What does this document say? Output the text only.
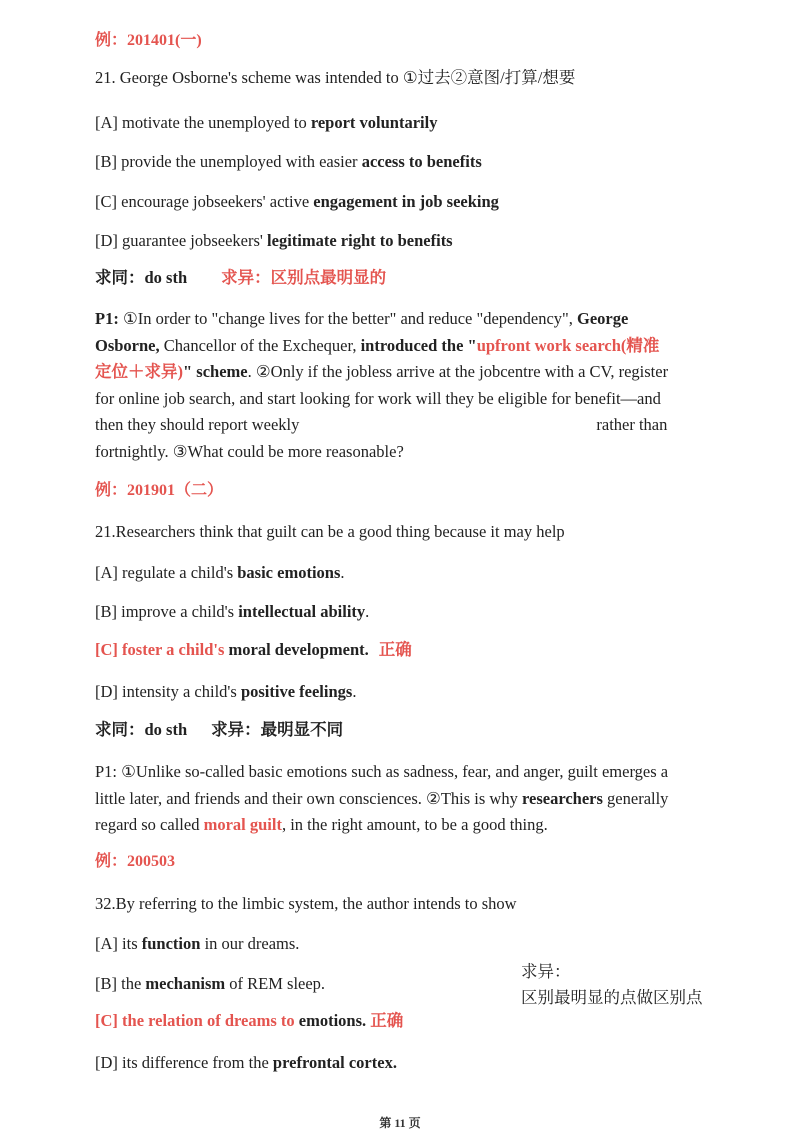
例：201401(一)
21. George Osborne's scheme was intended to ①过去②意图/打算/想要
[A] motivate the unemployed to report voluntarily
[B] provide the unemployed with easier access to benefits
[C] encourage jobseekers' active engagement in job seeking
[D] guarantee jobseekers' legitimate right to benefits
求同：do sth 求异：区别点最明显的
P1: ①In order to "change lives for the better" and reduce "dependency", George
Osborne, Chancellor of the Exchequer, introduced the "upfront work search(精准
定位＋求异)" scheme. ②Only if the jobless arrive at the jobcentre with a CV, register
for online job search, and start looking for work will they be eligible for benefit—and
then they should report weekly	rather than
fortnightly. ③What could be more reasonable?
例：201901（二）
21.Researchers think that guilt can be a good thing because it may help
[A] regulate a child's basic emotions.
[B] improve a child's intellectual ability.
[C] foster a child's moral development. 正确
[D] intensity a child's positive feelings.
求同：do sth 求异：最明显不同
P1: ①Unlike so-called basic emotions such as sadness, fear, and anger, guilt emerges a
little later, and friends and their own consciences. ②This is why researchers generally
regard so called moral guilt, in the right amount, to be a good thing.
例：200503
32.By referring to the limbic system, the author intends to show
[A] its function in our dreams.
[B] the mechanism of REM sleep.
[C] the relation of dreams to emotions. 正确
[D] its difference from the prefrontal cortex.
求异：
区别最明显的点做区别点
第 11 页
